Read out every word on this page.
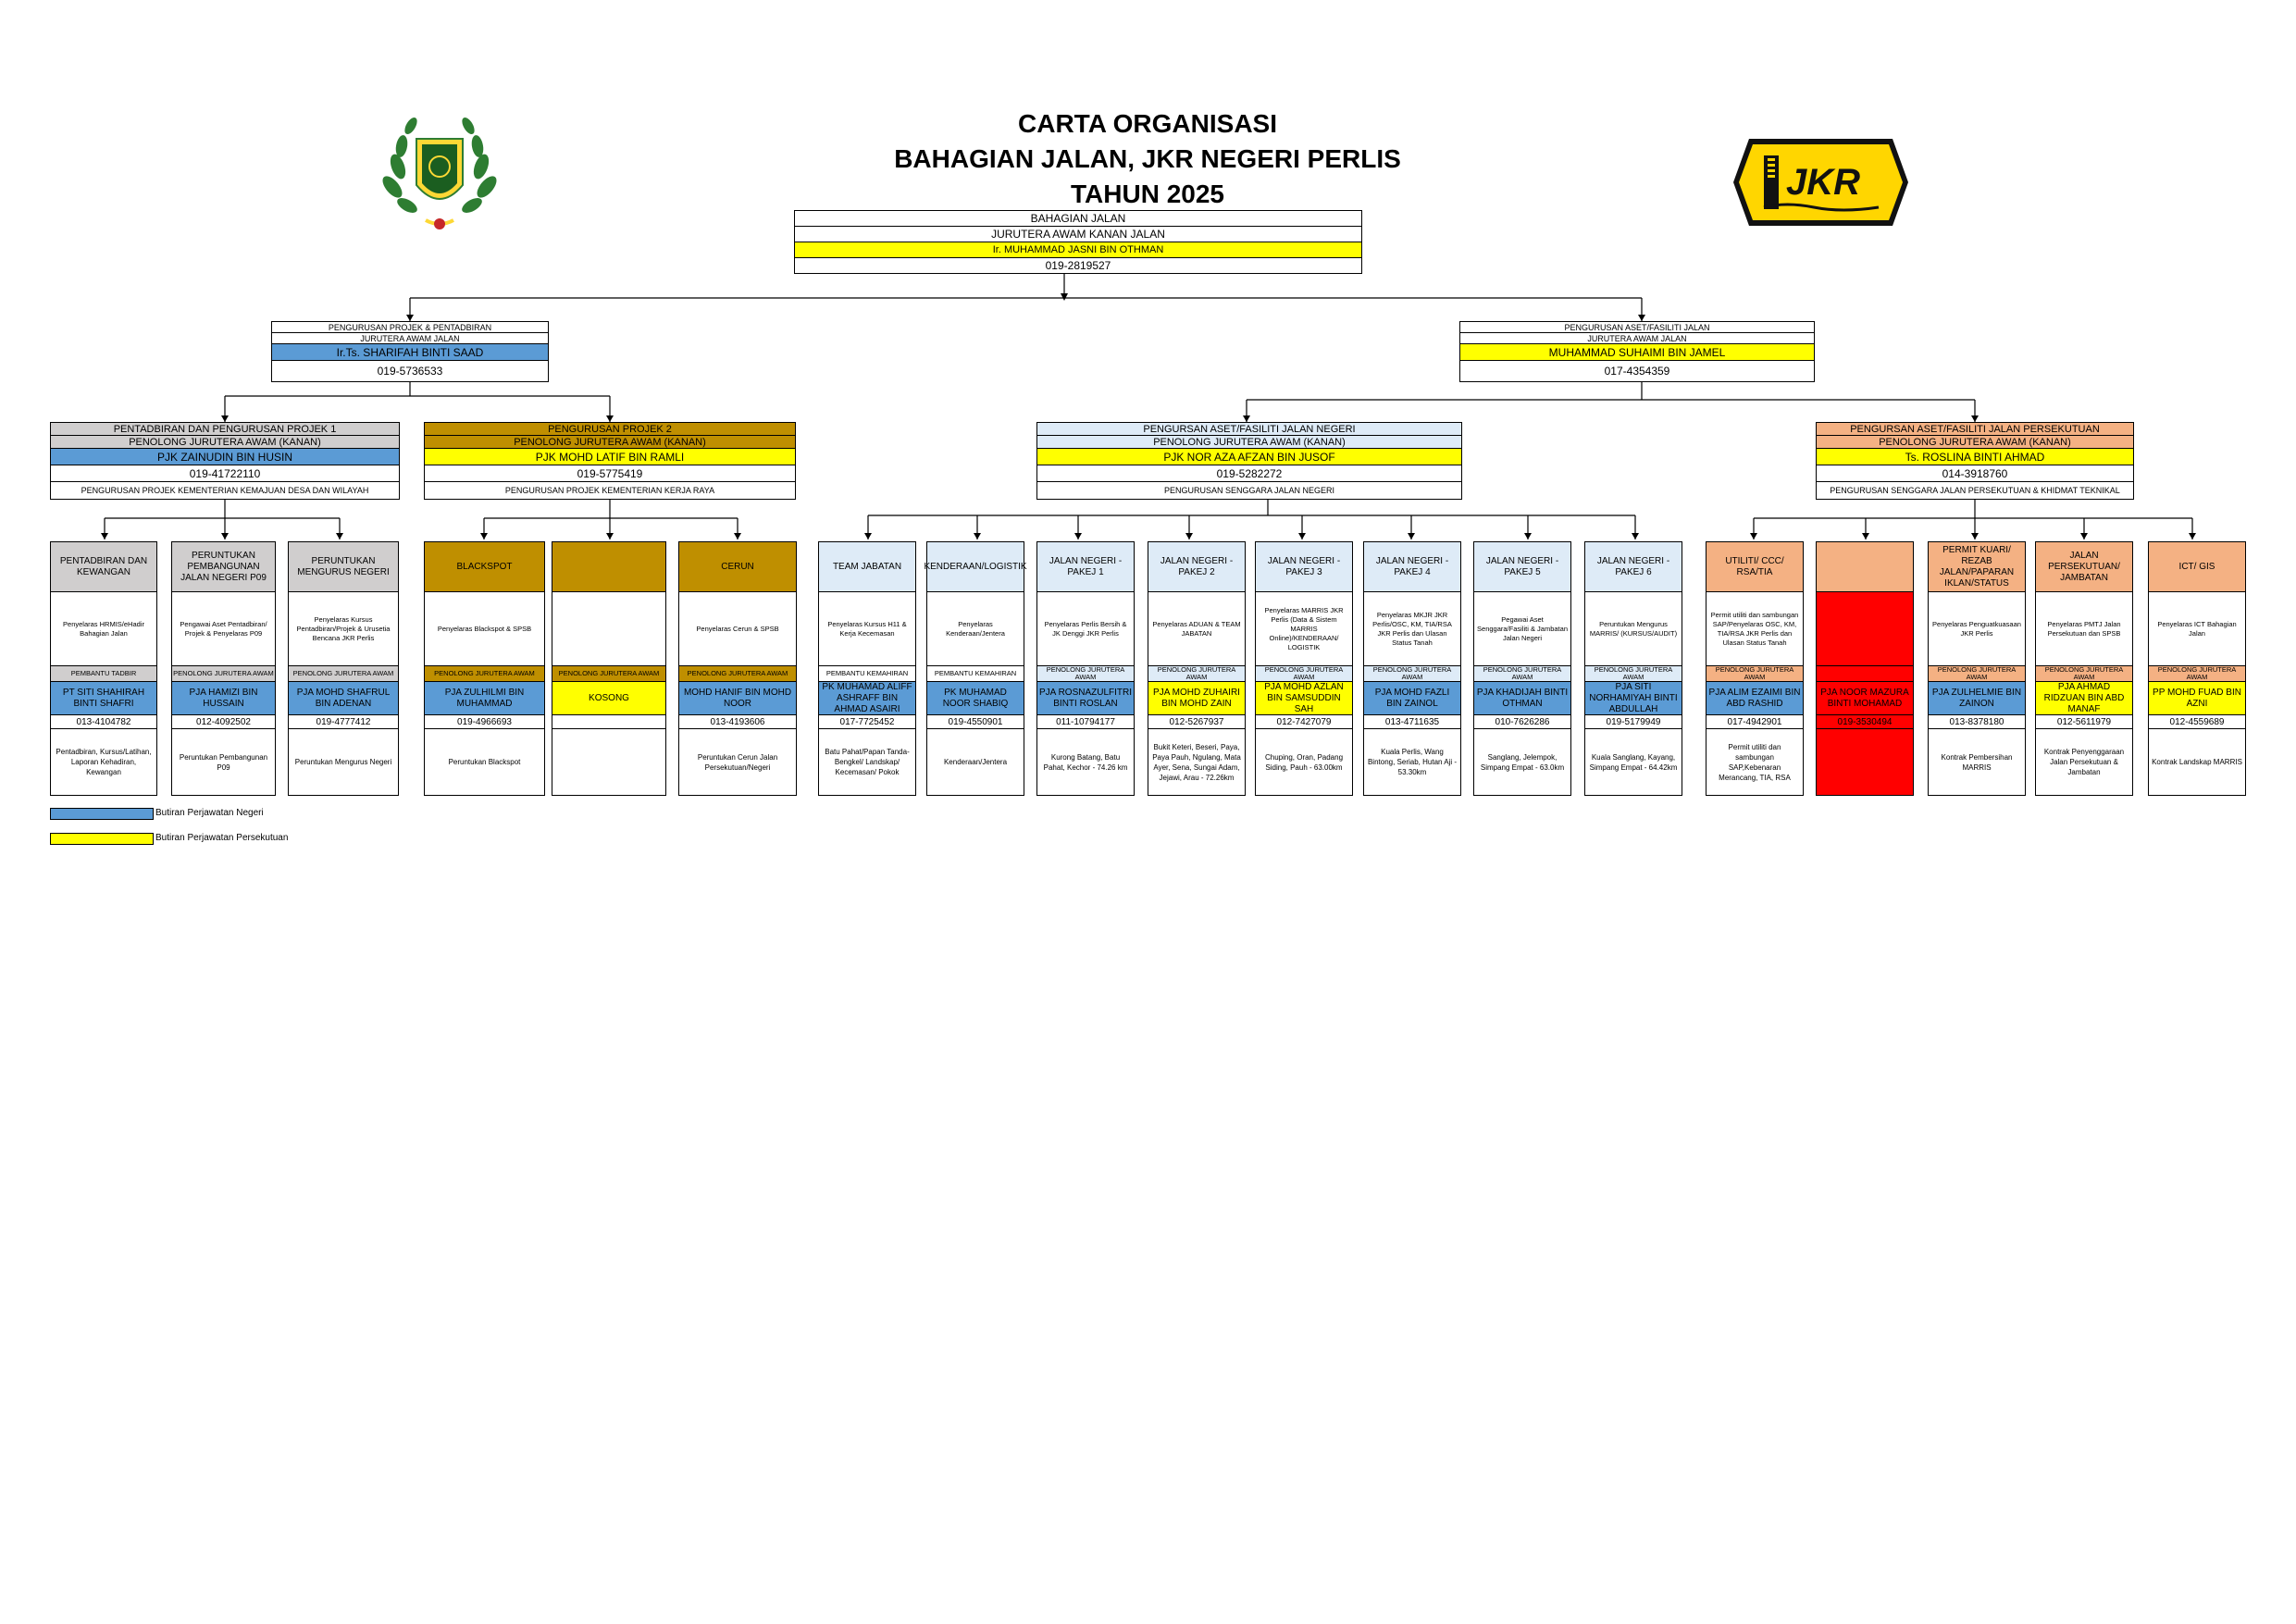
JKR
CARTA ORGANISASI
BAHAGIAN JALAN, JKR NEGERI PERLIS
TAHUN 2025
BAHAGIAN JALAN
JURUTERA AWAM KANAN JALAN
Ir. MUHAMMAD JASNI BIN OTHMAN
019-2819527
PENGURUSAN PROJEK & PENTADBIRAN
JURUTERA AWAM JALAN
Ir.Ts. SHARIFAH BINTI SAAD
019-5736533
PENGURUSAN ASET/FASILITI JALAN
JURUTERA AWAM JALAN
MUHAMMAD SUHAIMI BIN JAMEL
017-4354359
PENTADBIRAN DAN PENGURUSAN PROJEK 1
PENOLONG JURUTERA AWAM (KANAN)
PJK ZAINUDIN BIN HUSIN
019-41722110
PENGURUSAN PROJEK KEMENTERIAN KEMAJUAN DESA DAN WILAYAH
PENGURUSAN PROJEK 2
PENOLONG JURUTERA AWAM (KANAN)
PJK MOHD LATIF BIN RAMLI
019-5775419
PENGURUSAN PROJEK KEMENTERIAN KERJA RAYA
PENGURSAN ASET/FASILITI JALAN NEGERI
PENOLONG JURUTERA AWAM (KANAN)
PJK NOR AZA AFZAN BIN JUSOF
019-5282272
PENGURUSAN SENGGARA JALAN NEGERI
PENGURSAN ASET/FASILITI JALAN PERSEKUTUAN
PENOLONG JURUTERA AWAM (KANAN)
Ts. ROSLINA BINTI AHMAD
014-3918760
PENGURUSAN SENGGARA JALAN PERSEKUTUAN & KHIDMAT TEKNIKAL
PENTADBIRAN DAN KEWANGAN
Penyelaras HRMIS/eHadir Bahagian Jalan
PEMBANTU TADBIR
PT SITI SHAHIRAH BINTI SHAFRI
013-4104782
Pentadbiran, Kursus/Latihan, Laporan Kehadiran, Kewangan
PERUNTUKAN PEMBANGUNAN JALAN NEGERI P09
Pengawai Aset Pentadbiran/ Projek & Penyelaras P09
PENOLONG JURUTERA AWAM
PJA HAMIZI BIN HUSSAIN
012-4092502
Peruntukan Pembangunan P09
PERUNTUKAN MENGURUS NEGERI
Penyelaras Kursus Pentadbiran/Projek & Urusetia Bencana JKR Perlis
PENOLONG JURUTERA AWAM
PJA MOHD SHAFRUL BIN ADENAN
019-4777412
Peruntukan Mengurus Negeri
BLACKSPOT
Penyelaras Blackspot & SPSB
PENOLONG JURUTERA AWAM
PJA ZULHILMI BIN MUHAMMAD
019-4966693
Peruntukan Blackspot
PENOLONG JURUTERA AWAM
KOSONG
CERUN
Penyelaras Cerun & SPSB
PENOLONG JURUTERA AWAM
MOHD HANIF BIN MOHD NOOR
013-4193606
Peruntukan Cerun Jalan Persekutuan/Negeri
TEAM JABATAN
Penyelaras Kursus H11 & Kerja Kecemasan
PEMBANTU KEMAHIRAN
PK MUHAMAD ALIFF ASHRAFF BIN AHMAD ASAIRI
017-7725452
Batu Pahat/Papan Tanda-Bengkel/ Landskap/ Kecemasan/ Pokok
KENDERAAN/LOGISTIK
Penyelaras Kenderaan/Jentera
PEMBANTU KEMAHIRAN
PK MUHAMAD NOOR SHABIQ
019-4550901
Kenderaan/Jentera
JALAN NEGERI - PAKEJ 1
Penyelaras Perlis Bersih & JK Denggi JKR Perlis
PENOLONG JURUTERA AWAM
PJA ROSNAZULFITRI BINTI ROSLAN
011-10794177
Kurong Batang, Batu Pahat, Kechor - 74.26 km
JALAN NEGERI - PAKEJ 2
Penyelaras ADUAN & TEAM JABATAN
PENOLONG JURUTERA AWAM
PJA MOHD ZUHAIRI BIN MOHD ZAIN
012-5267937
Bukit Keteri, Beseri, Paya, Paya Pauh, Ngulang, Mata Ayer, Sena, Sungai Adam, Jejawi, Arau - 72.26km
JALAN NEGERI - PAKEJ 3
Penyelaras MARRIS JKR Perlis (Data & Sistem MARRIS Online)/KENDERAAN/ LOGISTIK
PENOLONG JURUTERA AWAM
PJA MOHD AZLAN BIN SAMSUDDIN SAH
012-7427079
Chuping, Oran, Padang Siding, Pauh - 63.00km
JALAN NEGERI - PAKEJ 4
Penyelaras MKJR JKR Perlis/OSC, KM, TIA/RSA JKR Perlis dan Ulasan Status Tanah
PENOLONG JURUTERA AWAM
PJA MOHD FAZLI BIN ZAINOL
013-4711635
Kuala Perlis, Wang Bintong, Seriab, Hutan Aji - 53.30km
JALAN NEGERI - PAKEJ 5
Pegawai Aset Senggara/Fasiliti & Jambatan Jalan Negeri
PENOLONG JURUTERA AWAM
PJA KHADIJAH BINTI OTHMAN
010-7626286
Sanglang, Jelempok, Simpang Empat - 63.0km
JALAN NEGERI - PAKEJ 6
Peruntukan Mengurus MARRIS/ (KURSUS/AUDIT)
PENOLONG JURUTERA AWAM
PJA SITI NORHAMIYAH BINTI ABDULLAH
019-5179949
Kuala Sanglang, Kayang, Simpang Empat - 64.42km
UTILITI/ CCC/ RSA/TIA
Permit utiliti dan sambungan SAP/Penyelaras OSC, KM, TIA/RSA JKR Perlis dan Ulasan Status Tanah
PENOLONG JURUTERA AWAM
PJA ALIM EZAIMI BIN ABD RASHID
017-4942901
Permit utiliti dan sambungan SAP,Kebenaran Merancang, TIA, RSA
PJA NOOR MAZURA BINTI MOHAMAD
019-3530494
PERMIT KUARI/ REZAB JALAN/PAPARAN IKLAN/STATUS
Penyelaras Penguatkuasaan JKR Perlis
PENOLONG JURUTERA AWAM
PJA ZULHELMIE BIN ZAINON
013-8378180
Kontrak Pembersihan MARRIS
JALAN PERSEKUTUAN/ JAMBATAN
Penyelaras PMTJ Jalan Persekutuan dan SPSB
PENOLONG JURUTERA AWAM
PJA AHMAD RIDZUAN BIN ABD MANAF
012-5611979
Kontrak Penyenggaraan Jalan Persekutuan & Jambatan
ICT/ GIS
Penyelaras ICT Bahagian Jalan
PENOLONG JURUTERA AWAM
PP MOHD FUAD BIN AZNI
012-4559689
Kontrak Landskap MARRIS
Butiran Perjawatan Negeri
Butiran Perjawatan Persekutuan
